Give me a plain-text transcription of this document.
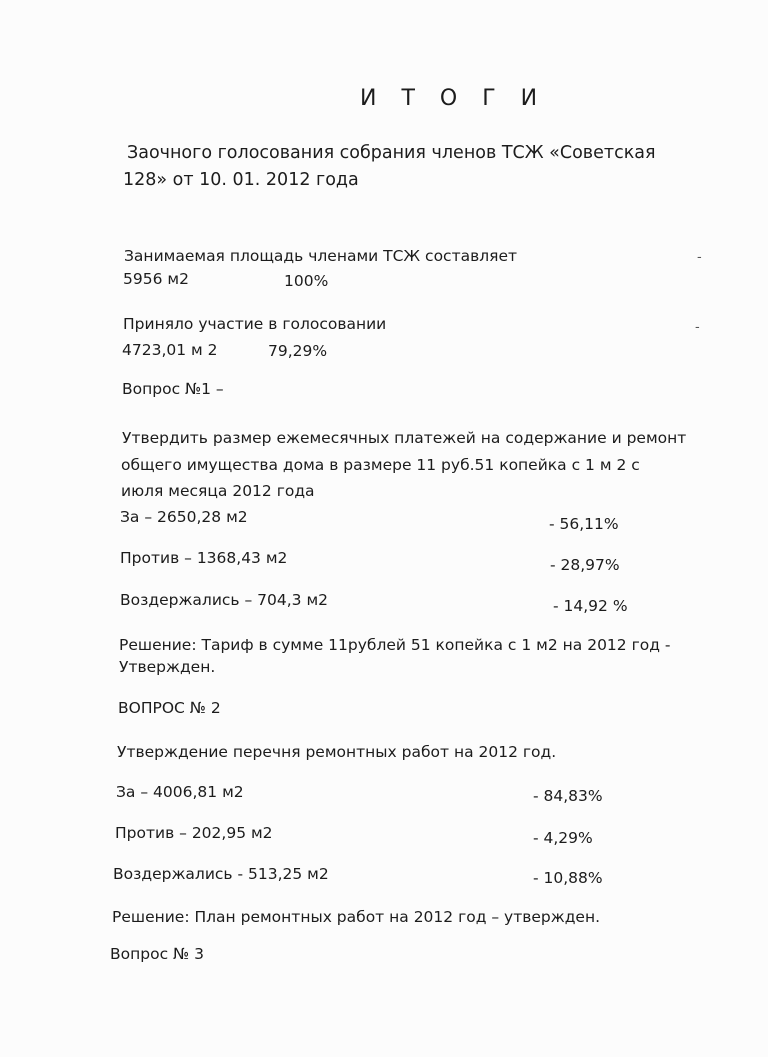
И Т О Г И
Заочного голосования собрания членов ТСЖ «Советская
128» от 10. 01. 2012 года
Занимаемая площадь членами ТСЖ составляет	-
5956 м2	100%
Приняло участие в голосовании	-
4723,01 м 2	79,29%
Вопрос №1 –
Утвердить размер ежемесячных платежей на содержание и ремонт
общего имущества дома в размере 11 руб.51 копейка с 1 м 2 с
июля месяца 2012 года
За – 2650,28 м2	- 56,11%
Против – 1368,43 м2	- 28,97%
Воздержались – 704,3 м2	- 14,92 %
Решение: Тариф в сумме 11рублей 51 копейка с 1 м2 на 2012 год -
Утвержден.
ВОПРОС № 2
Утверждение перечня ремонтных работ на 2012 год.
За – 4006,81 м2	- 84,83%
Против – 202,95 м2	- 4,29%
Воздержались - 513,25 м2	- 10,88%
Решение: План ремонтных работ на 2012 год – утвержден.
Вопрос № 3
